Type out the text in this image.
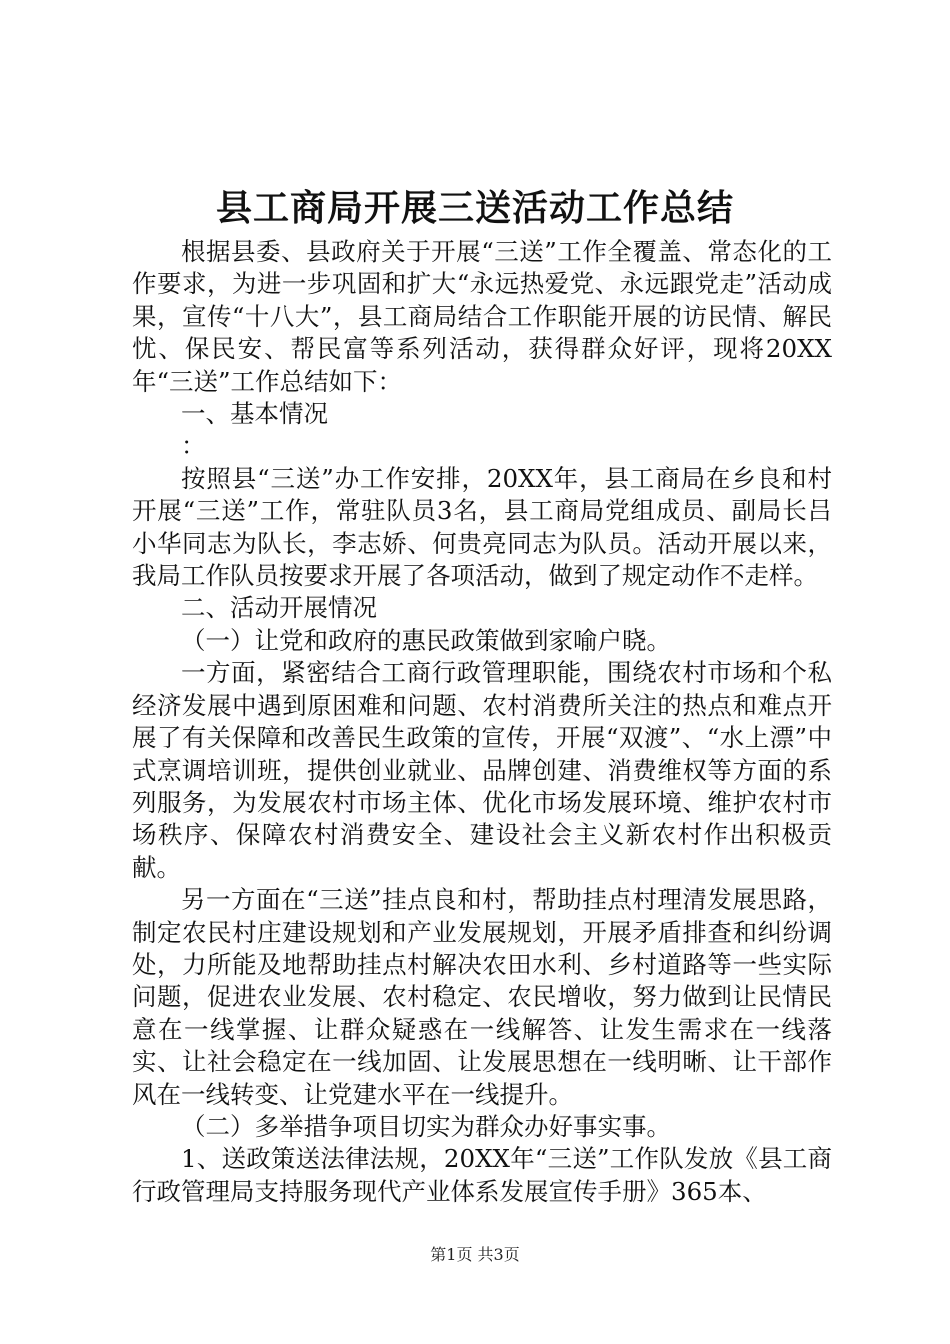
县工商局开展三送活动工作总结

根据县委、县政府关于开展“三送”工作全覆盖、常态化的工作要求，为进一步巩固和扩大“永远热爱党、永远跟党走”活动成果，宣传“十八大”，县工商局结合工作职能开展的访民情、解民忧、保民安、帮民富等系列活动，获得群众好评，现将20XX年“三送”工作总结如下：

一、基本情况

：

按照县“三送”办工作安排，20XX年，县工商局在乡良和村开展“三送”工作，常驻队员3名，县工商局党组成员、副局长吕小华同志为队长，李志娇、何贵亮同志为队员。活动开展以来，我局工作队员按要求开展了各项活动，做到了规定动作不走样。

二、活动开展情况

（一）让党和政府的惠民政策做到家喻户晓。

一方面，紧密结合工商行政管理职能，围绕农村市场和个私经济发展中遇到原困难和问题、农村消费所关注的热点和难点开展了有关保障和改善民生政策的宣传，开展“双渡”、“水上漂”中式烹调培训班，提供创业就业、品牌创建、消费维权等方面的系列服务，为发展农村市场主体、优化市场发展环境、维护农村市场秩序、保障农村消费安全、建设社会主义新农村作出积极贡献。

另一方面在“三送”挂点良和村，帮助挂点村理清发展思路，制定农民村庄建设规划和产业发展规划，开展矛盾排查和纠纷调处，力所能及地帮助挂点村解决农田水利、乡村道路等一些实际问题，促进农业发展、农村稳定、农民增收，努力做到让民情民意在一线掌握、让群众疑惑在一线解答、让发生需求在一线落实、让社会稳定在一线加固、让发展思想在一线明晰、让干部作风在一线转变、让党建水平在一线提升。

（二）多举措争项目切实为群众办好事实事。

1、送政策送法律法规，20XX年“三送”工作队发放《县工商行政管理局支持服务现代产业体系发展宣传手册》365本、

第1页 共3页
